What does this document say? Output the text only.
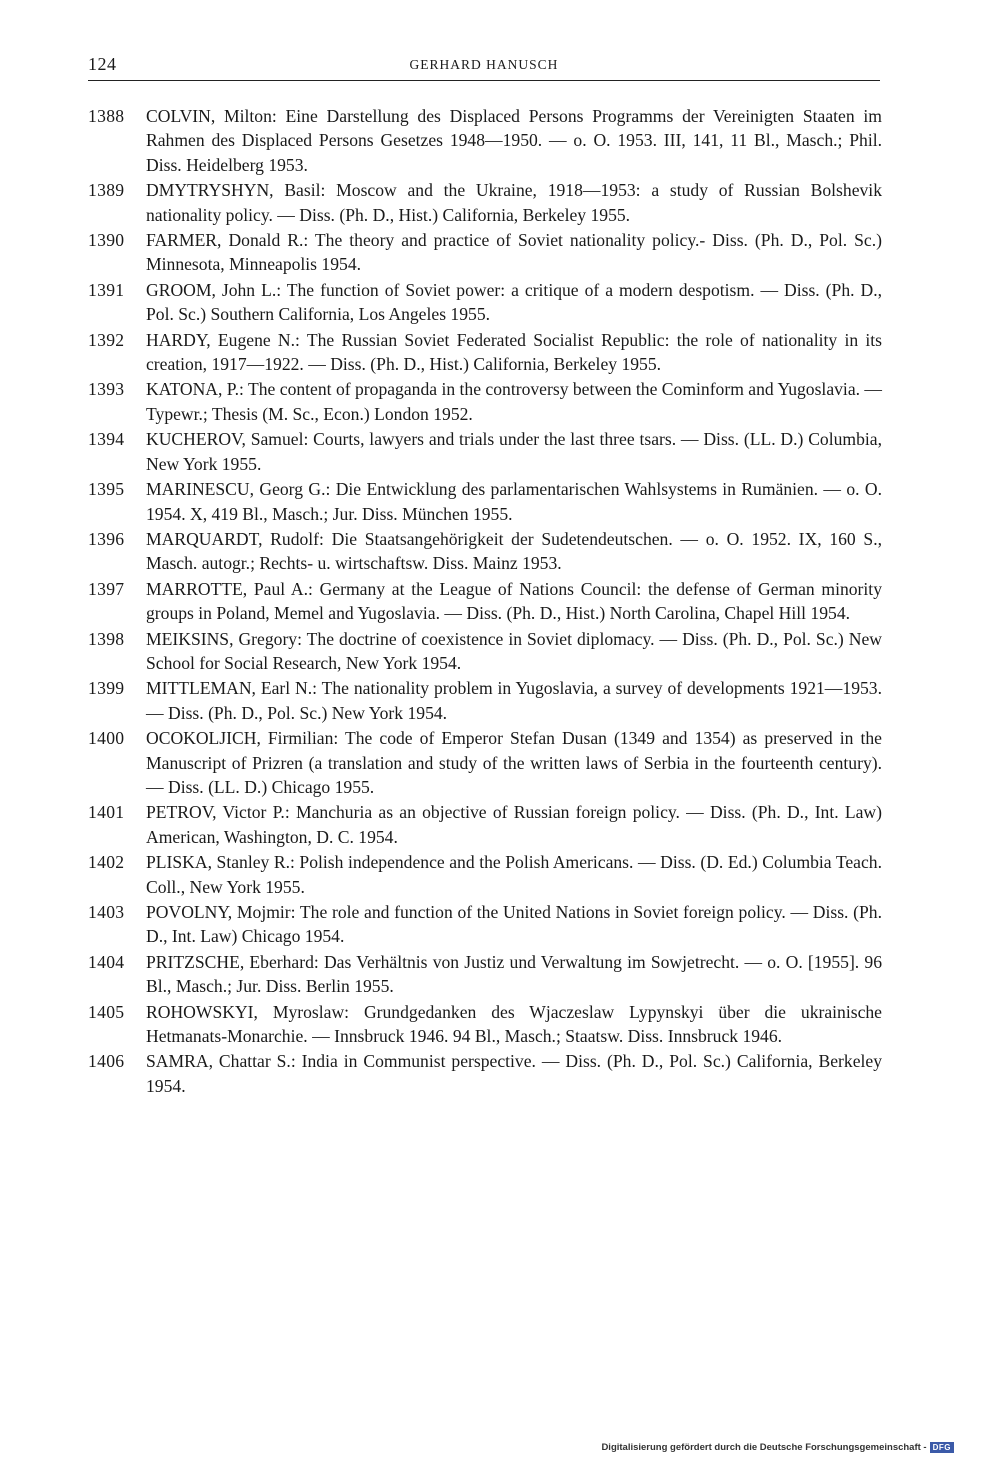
124	GERHARD HANUSCH
1388	COLVIN, Milton: Eine Darstellung des Displaced Persons Programms der Vereinigten Staaten im Rahmen des Displaced Persons Gesetzes 1948—1950. — o. O. 1953. III, 141, 11 Bl., Masch.; Phil. Diss. Heidelberg 1953.
1389	DMYTRYSHYN, Basil: Moscow and the Ukraine, 1918—1953: a study of Russian Bolshevik nationality policy. — Diss. (Ph. D., Hist.) California, Berkeley 1955.
1390	FARMER, Donald R.: The theory and practice of Soviet nationality policy.- Diss. (Ph. D., Pol. Sc.) Minnesota, Minneapolis 1954.
1391	GROOM, John L.: The function of Soviet power: a critique of a modern despotism. — Diss. (Ph. D., Pol. Sc.) Southern California, Los Angeles 1955.
1392	HARDY, Eugene N.: The Russian Soviet Federated Socialist Republic: the role of nationality in its creation, 1917—1922. — Diss. (Ph. D., Hist.) California, Berkeley 1955.
1393	KATONA, P.: The content of propaganda in the controversy between the Cominform and Yugoslavia. — Typewr.; Thesis (M. Sc., Econ.) London 1952.
1394	KUCHEROV, Samuel: Courts, lawyers and trials under the last three tsars. — Diss. (LL. D.) Columbia, New York 1955.
1395	MARINESCU, Georg G.: Die Entwicklung des parlamentarischen Wahlsystems in Rumänien. — o. O. 1954. X, 419 Bl., Masch.; Jur. Diss. München 1955.
1396	MARQUARDT, Rudolf: Die Staatsangehörigkeit der Sudetendeutschen. — o. O. 1952. IX, 160 S., Masch. autogr.; Rechts- u. wirtschaftsw. Diss. Mainz 1953.
1397	MARROTTE, Paul A.: Germany at the League of Nations Council: the defense of German minority groups in Poland, Memel and Yugoslavia. — Diss. (Ph. D., Hist.) North Carolina, Chapel Hill 1954.
1398	MEIKSINS, Gregory: The doctrine of coexistence in Soviet diplomacy. — Diss. (Ph. D., Pol. Sc.) New School for Social Research, New York 1954.
1399	MITTLEMAN, Earl N.: The nationality problem in Yugoslavia, a survey of developments 1921—1953. — Diss. (Ph. D., Pol. Sc.) New York 1954.
1400	OCOKOLJICH, Firmilian: The code of Emperor Stefan Dusan (1349 and 1354) as preserved in the Manuscript of Prizren (a translation and study of the written laws of Serbia in the fourteenth century). — Diss. (LL. D.) Chicago 1955.
1401	PETROV, Victor P.: Manchuria as an objective of Russian foreign policy. — Diss. (Ph. D., Int. Law) American, Washington, D. C. 1954.
1402	PLISKA, Stanley R.: Polish independence and the Polish Americans. — Diss. (D. Ed.) Columbia Teach. Coll., New York 1955.
1403	POVOLNY, Mojmir: The role and function of the United Nations in Soviet foreign policy. — Diss. (Ph. D., Int. Law) Chicago 1954.
1404	PRITZSCHE, Eberhard: Das Verhältnis von Justiz und Verwaltung im Sowjetrecht. — o. O. [1955]. 96 Bl., Masch.; Jur. Diss. Berlin 1955.
1405	ROHOWSKYI, Myroslaw: Grundgedanken des Wjaczeslaw Lypynskyi über die ukrainische Hetmanats-Monarchie. — Innsbruck 1946. 94 Bl., Masch.; Staatsw. Diss. Innsbruck 1946.
1406	SAMRA, Chattar S.: India in Communist perspective. — Diss. (Ph. D., Pol. Sc.) California, Berkeley 1954.
Digitalisierung gefördert durch die Deutsche Forschungsgemeinschaft - DFG
